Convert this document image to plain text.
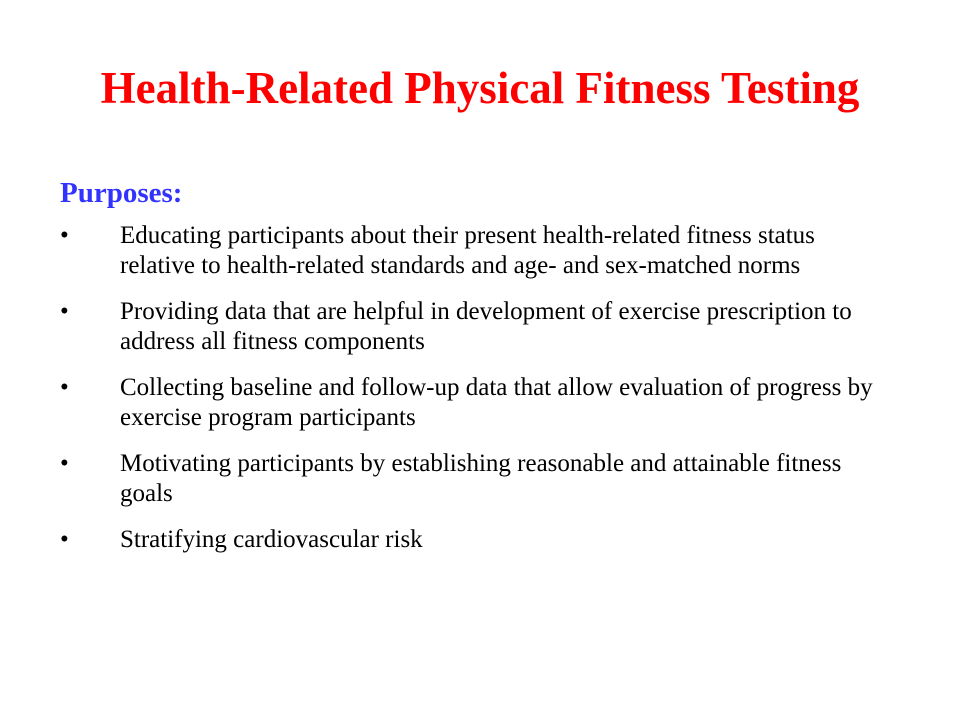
Health-Related Physical Fitness Testing
Purposes:
•	Educating participants about their present health-related fitness status relative to health-related standards and age- and sex-matched norms
•	Providing data that are helpful in development of exercise prescription to address all fitness components
•	Collecting baseline and follow-up data that allow evaluation of progress by exercise program participants
•	Motivating participants by establishing reasonable and attainable fitness goals
•	Stratifying cardiovascular risk
